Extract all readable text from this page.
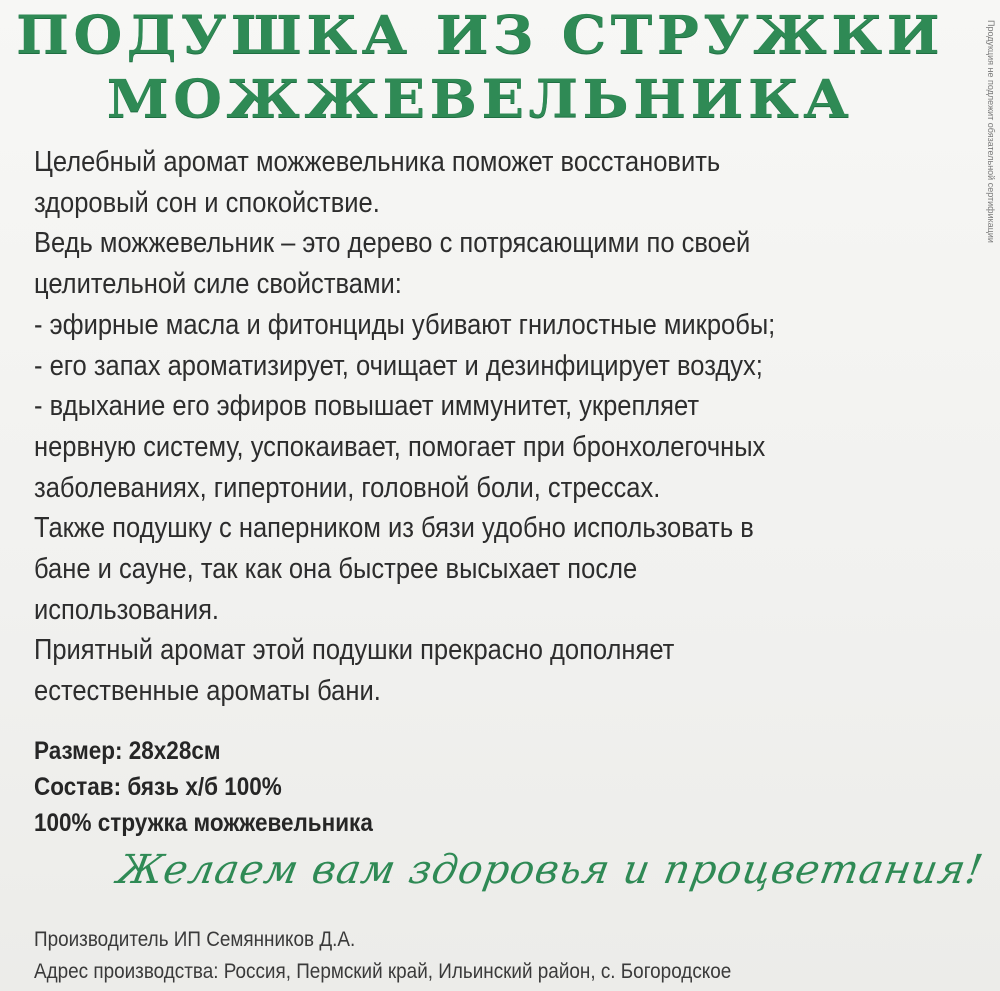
ПОДУШКА ИЗ СТРУЖКИ
МОЖЖЕВЕЛЬНИКА
Целебный аромат можжевельника поможет восстановить
здоровый сон и спокойствие.
Ведь можжевельник – это дерево с потрясающими по своей
целительной силе свойствами:
- эфирные масла и фитонциды убивают гнилостные микробы;
- его запах ароматизирует, очищает и дезинфицирует воздух;
- вдыхание его эфиров повышает иммунитет, укрепляет
нервную систему, успокаивает, помогает при бронхолегочных
заболеваниях, гипертонии, головной боли, стрессах.
Также подушку с наперником из бязи удобно использовать в
бане и сауне, так как она быстрее высыхает после
использования.
Приятный аромат этой подушки прекрасно дополняет
естественные ароматы бани.
Размер: 28x28см
Состав: бязь х/б 100%
100% стружка можжевельника
Желаем вам здоровья и процветания!
Производитель ИП Семянников Д.А.
Адрес производства: Россия, Пермский край, Ильинский район, с. Богородское
Продукция не подлежит обязательной сертификации
